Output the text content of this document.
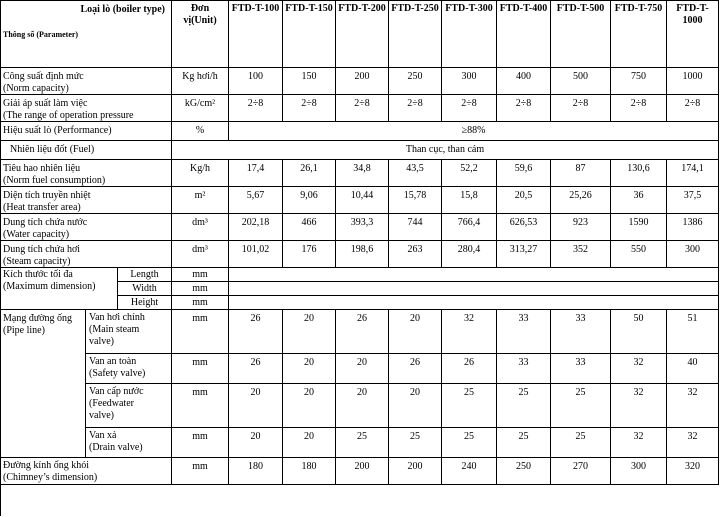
Loại lò (boiler type)
Thông số (Parameter)
Đơn vị(Unit)
FTD-T-100 FTD-T-150 FTD-T-200 FTD-T-250 FTD-T-300 FTD-T-400 FTD-T-500	FTD-T-750	FTD-T-1000
Công suất định mức
(Norm capacity)
Kg hơi/h	100	150	200	250	300	400	500	750	1000
Giải áp suất làm việc
(The range of operation pressure
kG/cm²	2÷8	2÷8	2÷8	2÷8	2÷8	2÷8	2÷8	2÷8	2÷8
Hiệu suất lò (Performance)	%	≥88%
Nhiên liệu đốt (Fuel)	Than cục, than cám
Tiêu hao nhiên liệu
(Norm fuel consumption)
Kg/h	17,4	26,1	34,8	43,5	52,2	59,6	87	130,6	174,1
Diện tích truyền nhiệt
(Heat transfer area)
m²	5,67	9,06	10,44	15,78	15,8	20,5	25,26	36	37,5
Dung tích chứa nước
(Water capacity)
dm³	202,18	466	393,3	744	766,4	626,53	923	1590	1386
Dung tích chứa hơi
(Steam capacity)
dm³	101,02	176	198,6	263	280,4	313,27	352	550	300
Kích thước tối đa
(Maximum dimension)
Length	mm
Width	mm
Height	mm
Mạng đường ống
(Pipe line)
Van hơi chính
(Main steam
valve)
mm	26	20	26	20	32	33	33	50	51
Van an toàn
(Safety valve)
mm	26	20	20	26	26	33	33	32	40
Van cấp nước
(Feedwater
valve)
mm	20	20	20	20	25	25	25	32	32
Van xả
(Drain valve)
mm	20	20	25	25	25	25	25	32	32
Đường kính ống khói
(Chimney’s dimension)
mm	180	180	200	200	240	250	270	300	320
